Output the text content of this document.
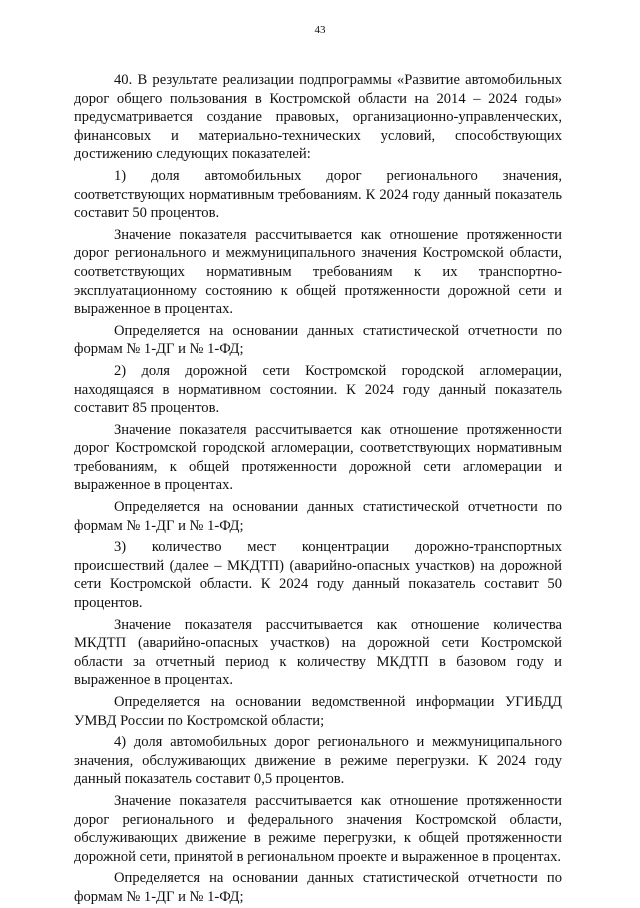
43

40. В результате реализации подпрограммы «Развитие автомобильных дорог общего пользования в Костромской области на 2014 – 2024 годы» предусматривается создание правовых, организационно-управленческих, финансовых и материально-технических условий, способствующих достижению следующих показателей:

1) доля автомобильных дорог регионального значения, соответствующих нормативным требованиям. К 2024 году данный показатель составит 50 процентов.

Значение показателя рассчитывается как отношение протяженности дорог регионального и межмуниципального значения Костромской области, соответствующих нормативным требованиям к их транспортно-эксплуатационному состоянию к общей протяженности дорожной сети и выраженное в процентах.

Определяется на основании данных статистической отчетности по формам № 1-ДГ и № 1-ФД;

2) доля дорожной сети Костромской городской агломерации, находящаяся в нормативном состоянии. К 2024 году данный показатель составит 85 процентов.

Значение показателя рассчитывается как отношение протяженности дорог Костромской городской агломерации, соответствующих нормативным требованиям, к общей протяженности дорожной сети агломерации и выраженное в процентах.

Определяется на основании данных статистической отчетности по формам № 1-ДГ и № 1-ФД;

3) количество мест концентрации дорожно-транспортных происшествий (далее – МКДТП) (аварийно-опасных участков) на дорожной сети Костромской области. К 2024 году данный показатель составит 50 процентов.

Значение показателя рассчитывается как отношение количества МКДТП (аварийно-опасных участков) на дорожной сети Костромской области за отчетный период к количеству МКДТП в базовом году и выраженное в процентах.

Определяется на основании ведомственной информации УГИБДД УМВД России по Костромской области;

4) доля автомобильных дорог регионального и межмуниципального значения, обслуживающих движение в режиме перегрузки. К 2024 году данный показатель составит 0,5 процентов.

Значение показателя рассчитывается как отношение протяженности дорог регионального и федерального значения Костромской области, обслуживающих движение в режиме перегрузки, к общей протяженности дорожной сети, принятой в региональном проекте и выраженное в процентах.

Определяется на основании данных статистической отчетности по формам № 1-ДГ и № 1-ФД;
